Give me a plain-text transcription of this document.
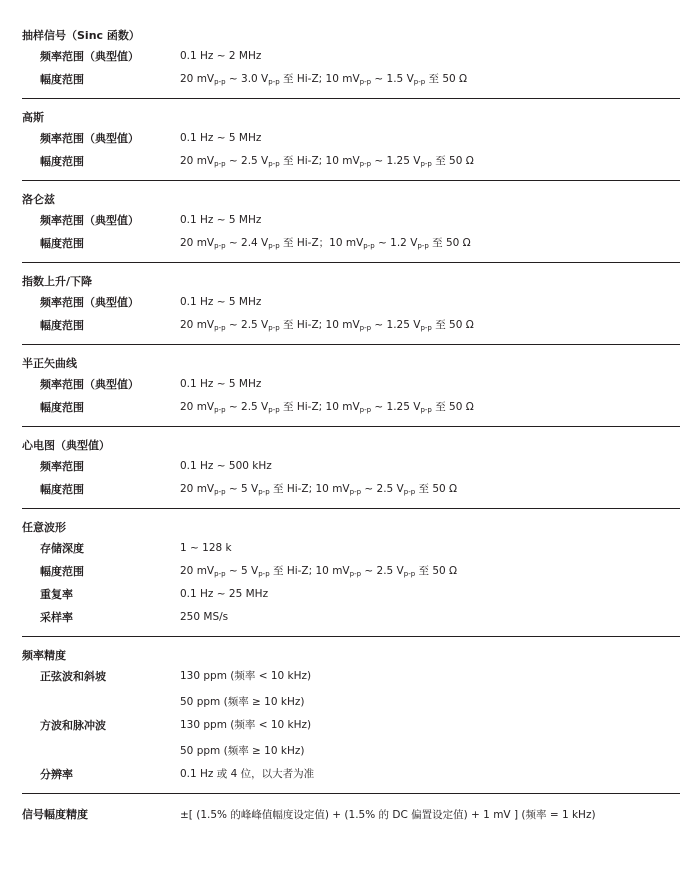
抽样信号（Sinc 函数）
频率范围（典型值）	0.1 Hz ~ 2 MHz
幅度范围	20 $mV_{p-p}$ ~ 3.0 $V_{p-p}$ 至 Hi-Z; 10 $mV_{p-p}$ ~ 1.5 $V_{p-p}$ 至 50 Ω
高斯
频率范围（典型值）	0.1 Hz ~ 5 MHz
幅度范围	20 $mV_{p-p}$ ~ 2.5 $V_{p-p}$ 至 Hi-Z; 10 $mV_{p-p}$ ~ 1.25 $V_{p-p}$ 至 50 Ω
洛仑兹
频率范围（典型值）	0.1 Hz ~ 5 MHz
幅度范围	20 $mV_{p-p}$ ~ 2.4 $V_{p-p}$ 至 Hi-Z；10 $mV_{p-p}$ ~ 1.2 $V_{p-p}$ 至 50 Ω
指数上升/下降
频率范围（典型值）	0.1 Hz ~ 5 MHz
幅度范围	20 $mV_{p-p}$ ~ 2.5 $V_{p-p}$ 至 Hi-Z; 10 $mV_{p-p}$ ~ 1.25 $V_{p-p}$ 至 50 Ω
半正矢曲线
频率范围（典型值）	0.1 Hz ~ 5 MHz
幅度范围	20 $mV_{p-p}$ ~ 2.5 $V_{p-p}$ 至 Hi-Z; 10 $mV_{p-p}$ ~ 1.25 $V_{p-p}$ 至 50 Ω
心电图（典型值）
频率范围	0.1 Hz ~ 500 kHz
幅度范围	20 $mV_{p-p}$ ~ 5 $V_{p-p}$ 至 Hi-Z; 10 $mV_{p-p}$ ~ 2.5 $V_{p-p}$ 至 50 Ω
任意波形
存储深度	1 ~ 128 k
幅度范围	20 $mV_{p-p}$ ~ 5 $V_{p-p}$ 至 Hi-Z; 10 $mV_{p-p}$ ~ 2.5 $V_{p-p}$ 至 50 Ω
重复率	0.1 Hz ~ 25 MHz
采样率	250 MS/s
频率精度
正弦波和斜坡	130 ppm (频率 < 10 kHz)
50 ppm (频率 ≥ 10 kHz)
方波和脉冲波	130 ppm (频率 < 10 kHz)
50 ppm (频率 ≥ 10 kHz)
分辨率	0.1 Hz 或 4 位，以大者为准
信号幅度精度	±[ (1.5% 的峰峰值幅度设定值) + (1.5% 的 DC 偏置设定值) + 1 mV ] (频率 = 1 kHz)
